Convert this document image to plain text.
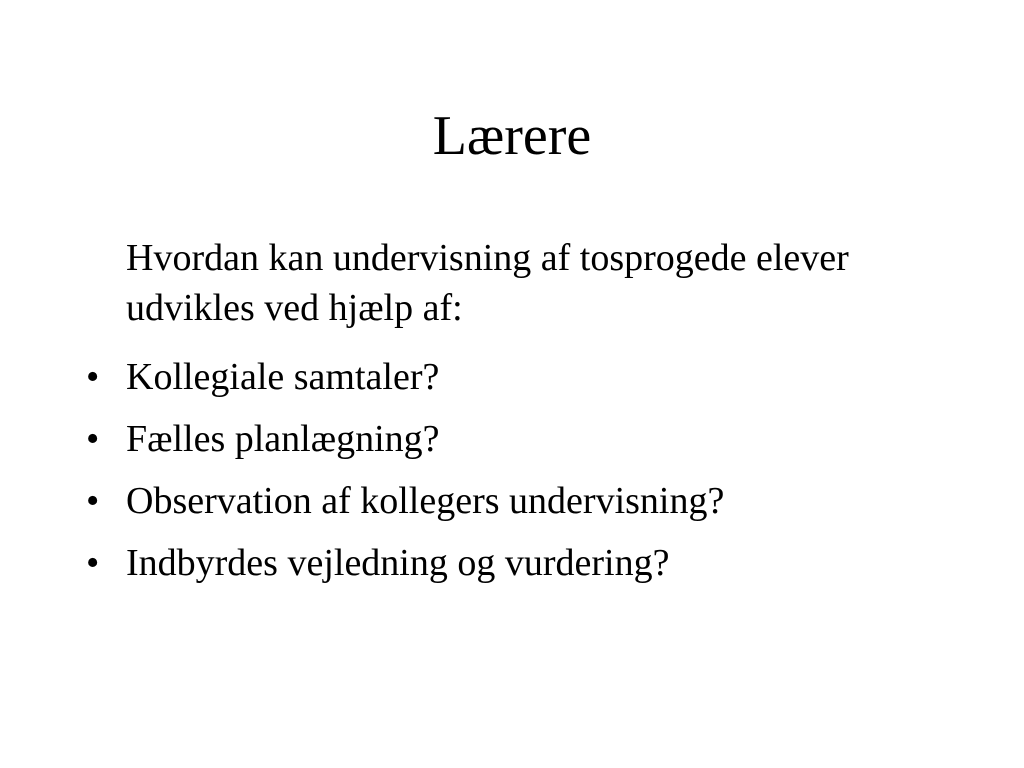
Lærere

Hvordan kan undervisning af tosprogede elever udvikles ved hjælp af:

• Kollegiale samtaler?
• Fælles planlægning?
• Observation af kollegers undervisning?
• Indbyrdes vejledning og vurdering?
